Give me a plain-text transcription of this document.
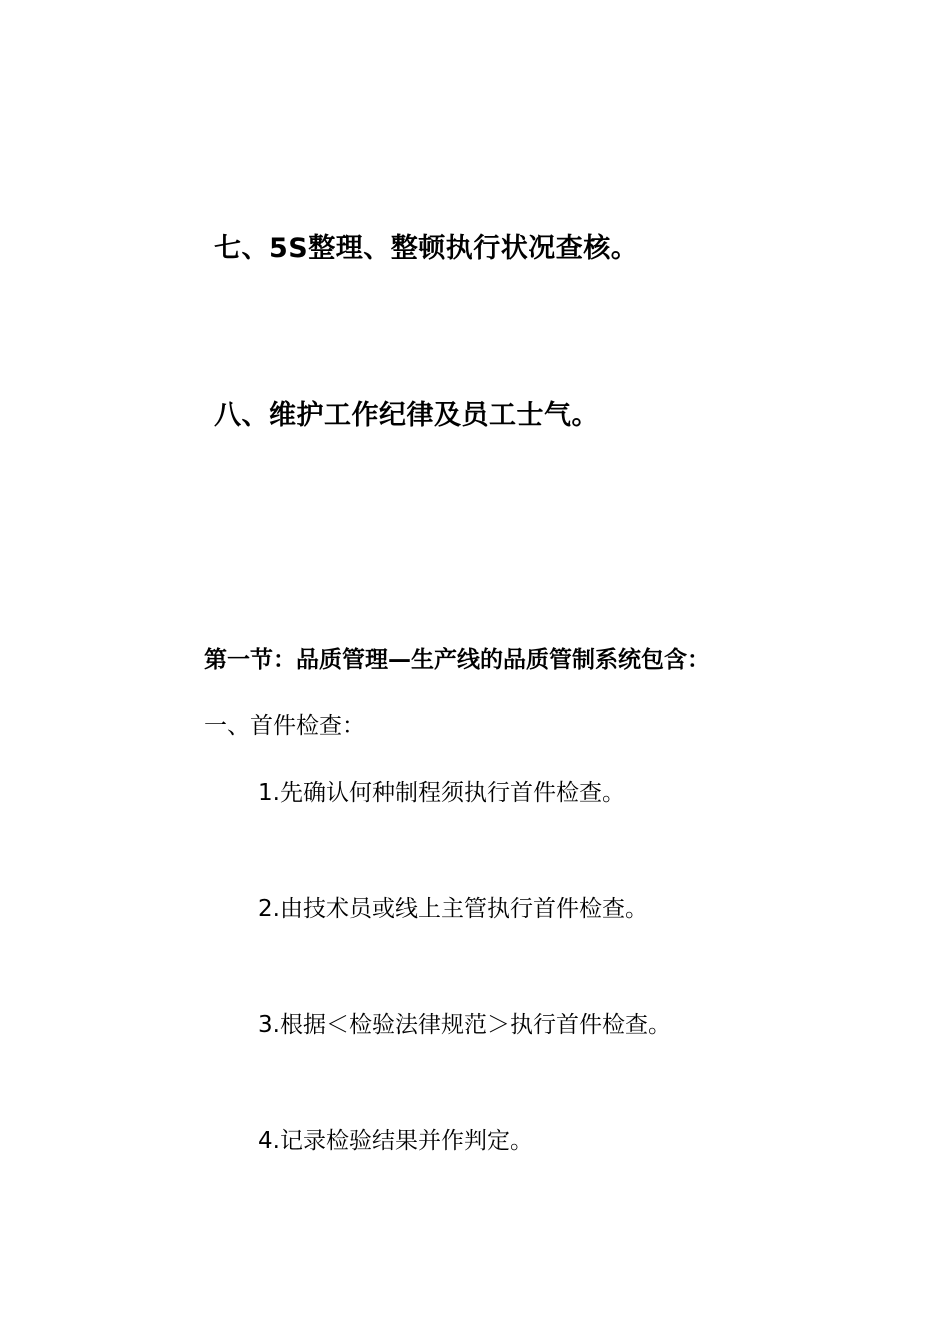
七、5S整理、整顿执行状况查核。
八、维护工作纪律及员工士气。
第一节：品质管理—生产线的品质管制系统包含：
一、首件检查：
1.先确认何种制程须执行首件检查。
2.由技术员或线上主管执行首件检查。
3.根据＜检验法律规范＞执行首件检查。
4.记录检验结果并作判定。
